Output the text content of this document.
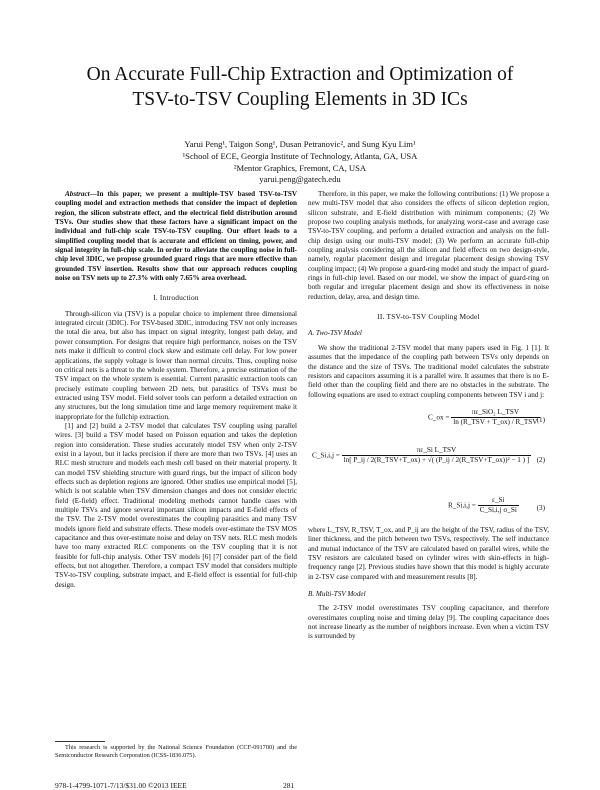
On Accurate Full-Chip Extraction and Optimization of
TSV-to-TSV Coupling Elements in 3D ICs
Yarui Peng¹, Taigon Song¹, Dusan Petranovic², and Sung Kyu Lim¹
¹School of ECE, Georgia Institute of Technology, Atlanta, GA, USA
²Mentor Graphics, Fremont, CA, USA
yarui.peng@gatech.edu

Abstract—In this paper, we present a multiple-TSV based TSV-to-TSV coupling model and extraction methods that consider the impact of depletion region, the silicon substrate effect, and the electrical field distribution around TSVs. Our studies show that these factors have a significant impact on the individual and full-chip scale TSV-to-TSV coupling. Our effort leads to a simplified coupling model that is accurate and efficient on timing, power, and signal integrity in full-chip scale. In order to alleviate the coupling noise in full-chip level 3DIC, we propose grounded guard rings that are more effective than grounded TSV insertion. Results show that our approach reduces coupling noise on TSV nets up to 27.3% with only 7.65% area overhead.

I. Introduction

Through-silicon via (TSV) is a popular choice to implement three dimensional integrated circuit (3DIC). For TSV-based 3DIC, introducing TSV not only increases the total die area, but also has impact on signal integrity, longest path delay, and power consumption. For designs that require high performance, noises on the TSV nets make it difficult to control clock skew and estimate cell delay. For low power applications, the supply voltage is lower than normal circuits. Thus, coupling noise on critical nets is a threat to the whole system. Therefore, a precise estimation of the TSV impact on the whole system is essential. Current parasitic extraction tools can precisely estimate coupling between 2D nets, but parasitics of TSVs must be extracted using TSV model. Field solver tools can perform a detailed extraction on any structures, but the long simulation time and large memory requirement make it inappropriate for the fullchip extraction.

[1] and [2] build a 2-TSV model that calculates TSV coupling using parallel wires. [3] build a TSV model based on Poisson equation and takes the depletion region into consideration. These studies accurately model TSV when only 2-TSV exist in a layout, but it lacks precision if there are more than two TSVs. [4] uses an RLC mesh structure and models each mesh cell based on their material property. It can model TSV shielding structure with guard rings, but the impact of silicon body effects such as depletion regions are ignored. Other studies use empirical model [5], which is not scalable when TSV dimension changes and does not consider electric field (E-field) effect. Traditional modeling methods cannot handle cases with multiple TSVs and ignore several important silicon impacts and E-field effects of the TSV. The 2-TSV model overestimates the coupling parasitics and many TSV models ignore field and substrate effects. These models over-estimate the TSV MOS capacitance and thus over-estimate noise and delay on TSV nets. RLC mesh models have too many extracted RLC components on the TSV coupling that it is not feasible for full-chip analysis. Other TSV models [6] [7] consider part of the field effects, but not altogether. Therefore, a compact TSV model that considers multiple TSV-to-TSV coupling, substrate impact, and E-field effect is essential for full-chip design.

This research is supported by the National Science Foundation (CCF-091700) and the Semiconductor Research Corporation (ICSS-1836.075).

Therefore, in this paper, we make the following contributions: (1) We propose a new multi-TSV model that also considers the effects of silicon depletion region, silicon substrate, and E-field distribution with minimum components; (2) We propose two coupling analysis methods, for analyzing worst-case and average case TSV-to-TSV coupling, and perform a detailed extraction and analysis on the full-chip design using our multi-TSV model; (3) We perform an accurate full-chip coupling analysis considering all the silicon and field effects on two design-style, namely, regular placement design and irregular placement design showing TSV coupling impact; (4) We propose a guard-ring model and study the impact of guard-rings in full-chip level. Based on our model, we show the impact of guard-ring on both regular and irregular placement design and show its effectiveness in noise reduction, delay, area, and design time.

II. TSV-to-TSV Coupling Model
A. Two-TSV Model

We show the traditional 2-TSV model that many papers used in Fig. 1 [1]. It assumes that the impedance of the coupling path between TSVs only depends on the distance and the size of TSVs. The traditional model calculates the substrate resistors and capacitors assuming it is a parallel wire. It assumes that there is no E-field other than the coupling field and there are no obstacles in the substrate. The following equations are used to extract coupling components between TSV i and j:

C_ox = $\frac{\text{πε\_SiO₂ L\_TSV}}{\text{ln (R\_TSV + T\_ox) / R\_TSV}}$
(1)
C_Si,i,j =
πε_Si L_TSV
ln[ P_ij / 2(R_TSV+T_ox) + √( (P_ij / 2(R_TSV+T_ox))² − 1 ) ] (2)
R_Si,i,j = $\frac{\varepsilon\_Si}{\text{C\_Si,i,j σ\_Si}} (3)$

where L_TSV, R_TSV, T_ox, and P_ij are the height of the TSV, radius of the TSV, liner thickness, and the pitch between two TSVs, respectively. The self inductance and mutual inductance of the TSV are calculated based on parallel wires, while the TSV resistors are calculated based on cylinder wires with skin-effects in high-frequency range [2]. Previous studies have shown that this model is highly accurate in 2-TSV case compared with and measurement results [8].

B. Multi-TSV Model

The 2-TSV model overestimates TSV coupling capacitance, and therefore overestimates coupling noise and timing delay [9]. The coupling capacitance does not increase linearly as the number of neighbors increase. Even when a victim TSV is surrounded by

978-1-4799-1071-7/13/$31.00 ©2013 IEEE	281
